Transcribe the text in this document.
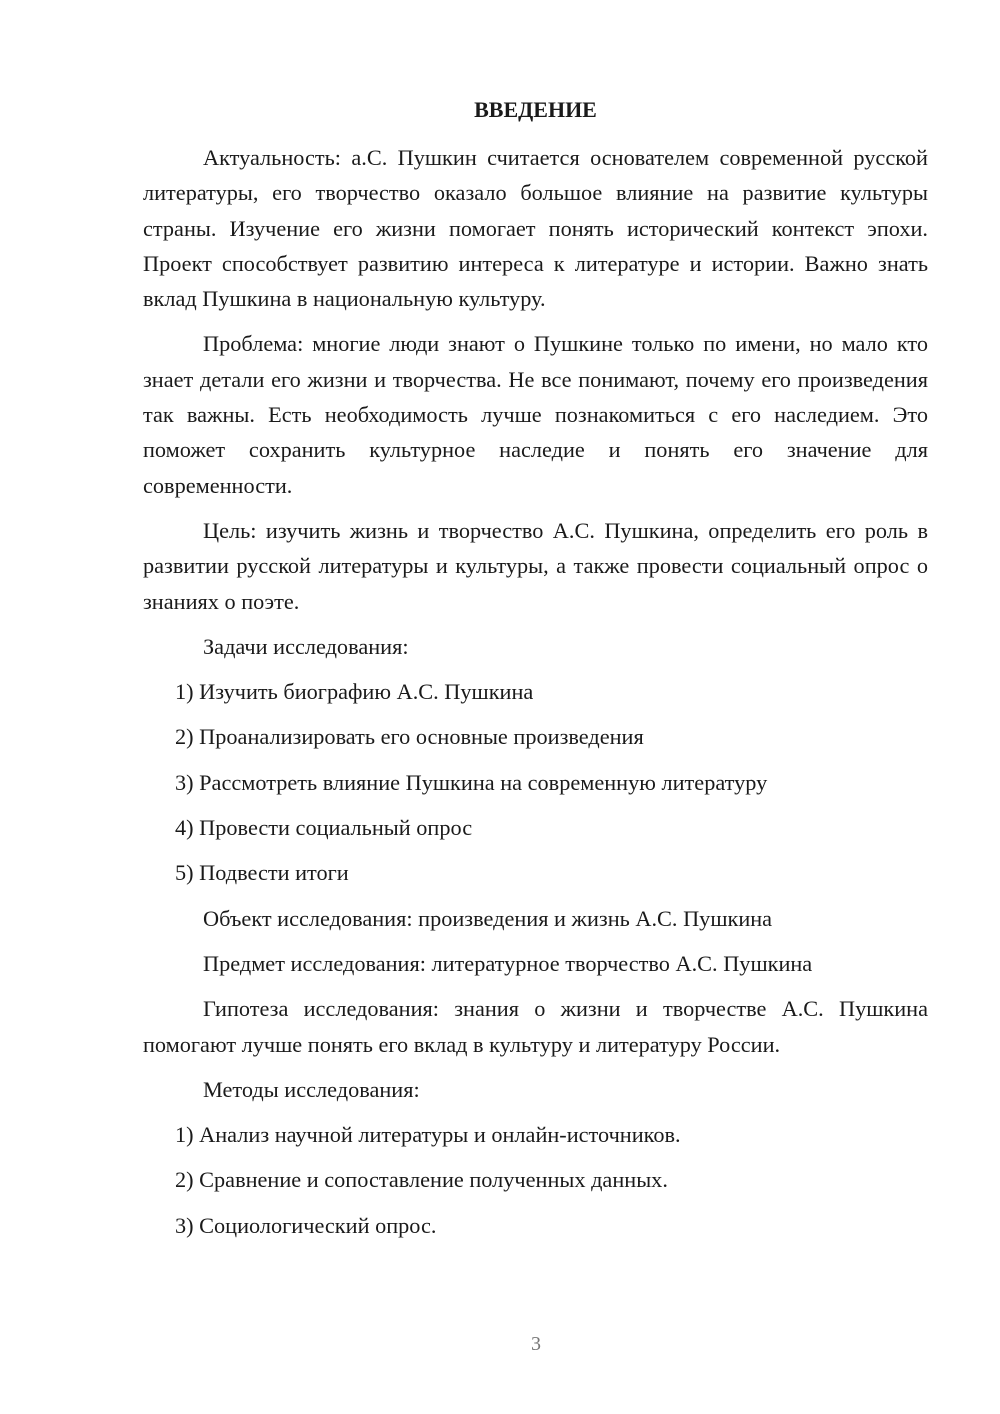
ВВЕДЕНИЕ

Актуальность: а.С. Пушкин считается основателем современной русской литературы, его творчество оказало большое влияние на развитие культуры страны. Изучение его жизни помогает понять исторический контекст эпохи. Проект способствует развитию интереса к литературе и истории. Важно знать вклад Пушкина в национальную культуру.

Проблема: многие люди знают о Пушкине только по имени, но мало кто знает детали его жизни и творчества. Не все понимают, почему его произведения так важны. Есть необходимость лучше познакомиться с его наследием. Это поможет сохранить культурное наследие и понять его значение для современности.

Цель: изучить жизнь и творчество А.С. Пушкина, определить его роль в развитии русской литературы и культуры, а также провести социальный опрос о знаниях о поэте.

Задачи исследования:

1) Изучить биографию А.С. Пушкина

2) Проанализировать его основные произведения

3) Рассмотреть влияние Пушкина на современную литературу

4) Провести социальный опрос

5) Подвести итоги

Объект исследования: произведения и жизнь А.С. Пушкина

Предмет исследования: литературное творчество А.С. Пушкина

Гипотеза исследования: знания о жизни и творчестве А.С. Пушкина помогают лучше понять его вклад в культуру и литературу России.

Методы исследования:

1) Анализ научной литературы и онлайн-источников.

2) Сравнение и сопоставление полученных данных.

3) Социологический опрос.

3
